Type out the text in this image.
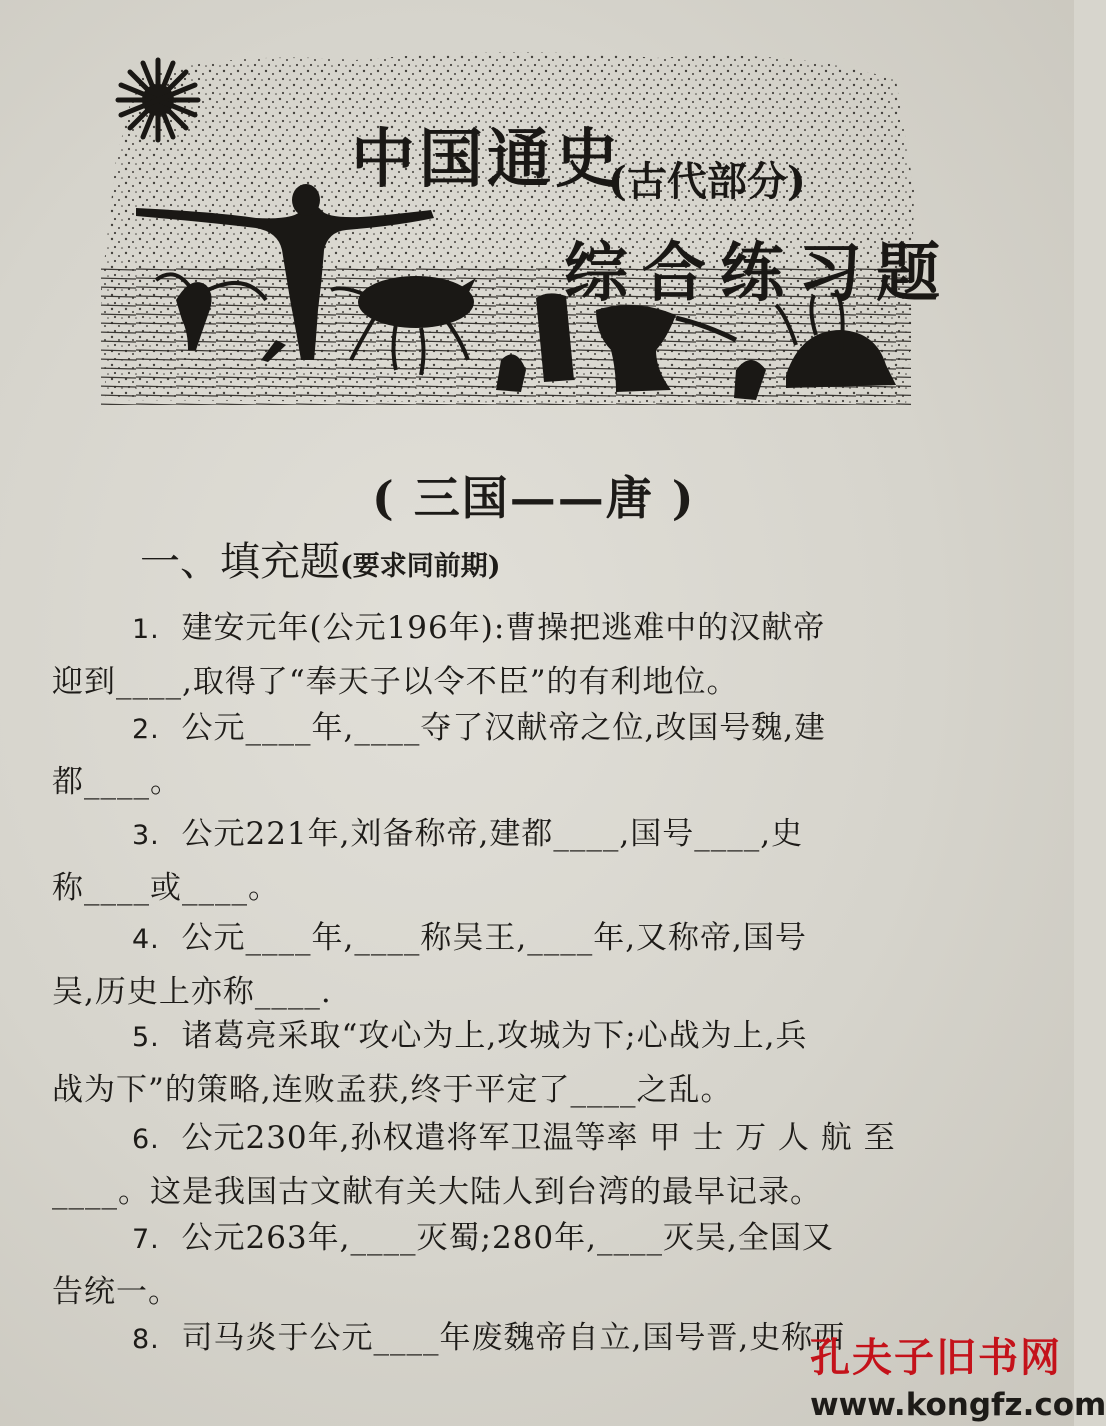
中国通史
(古代部分)
综合练习题
( 三国——唐 )
一、填充题(要求同前期)
1. 建安元年(公元196年):曹操把逃难中的汉献帝
迎到____,取得了“奉天子以令不臣”的有利地位。
2. 公元____年,____夺了汉献帝之位,改国号魏,建
都____。
3. 公元221年,刘备称帝,建都____,国号____,史
称____或____。
4. 公元____年,____称吴王,____年,又称帝,国号
吴,历史上亦称____.
5. 诸葛亮采取“攻心为上,攻城为下;心战为上,兵
战为下”的策略,连败孟获,终于平定了____之乱。
6. 公元230年,孙权遣将军卫温等率 甲 士 万 人 航 至
____。这是我国古文献有关大陆人到台湾的最早记录。
7. 公元263年,____灭蜀;280年,____灭吴,全国又
告统一。
8. 司马炎于公元____年废魏帝自立,国号晋,史称西
孔夫子旧书网
www.kongfz.com
